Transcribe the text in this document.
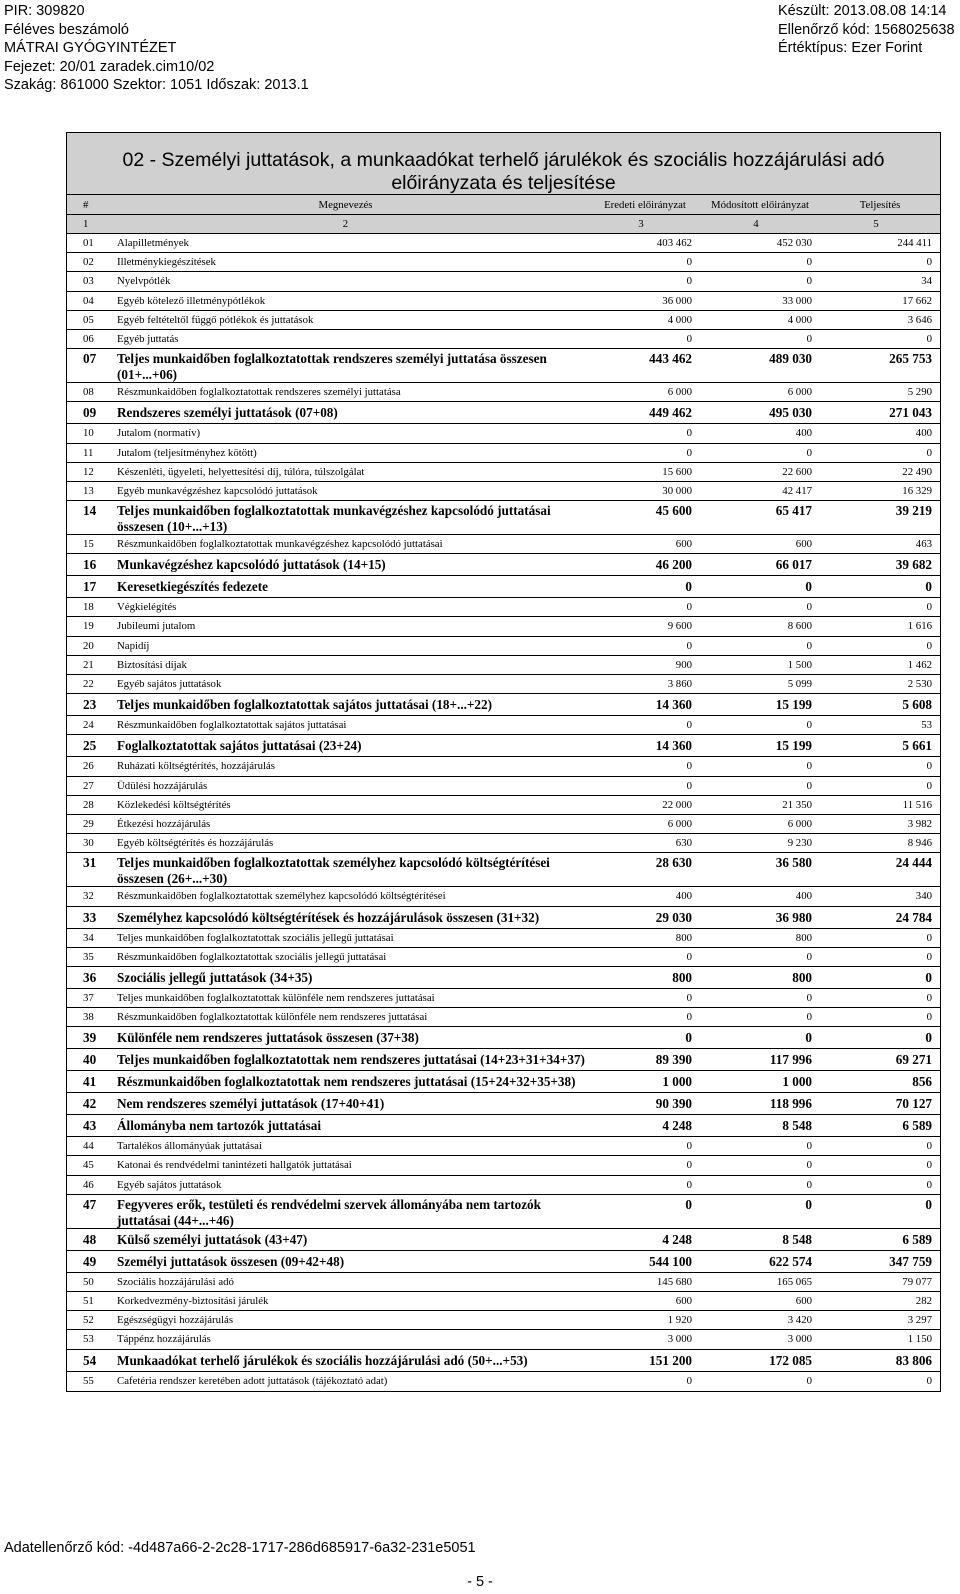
PIR: 309820
Féléves beszámoló
MÁTRAI GYÓGYINTÉZET
Fejezet: 20/01 zaradek.cim10/02
Szakág: 861000 Szektor: 1051 Időszak: 2013.1
Készült: 2013.08.08 14:14
Ellenőrző kód: 1568025638
Értéktípus: Ezer Forint
02 - Személyi juttatások, a munkaadókat terhelő járulékok és szociális hozzájárulási adó előirányzata és teljesítése
#	Megnevezés	Eredeti előirányzat	Módosított előirányzat	Teljesítés
1	2	3	4	5
01	Alapilletmények	403 462	452 030	244 411
02	Illetménykiegészítések	0	0	0
03	Nyelvpótlék	0	0	34
04	Egyéb kötelező illetménypótlékok	36 000	33 000	17 662
05	Egyéb feltételtől függő pótlékok és juttatások	4 000	4 000	3 646
06	Egyéb juttatás	0	0	0
07	Teljes munkaidőben foglalkoztatottak rendszeres személyi juttatása összesen (01+...+06)
443 462	489 030	265 753
08	Részmunkaidőben foglalkoztatottak rendszeres személyi juttatása	6 000	6 000	5 290
09	Rendszeres személyi juttatások (07+08)	449 462	495 030	271 043
10	Jutalom (normatív)	0	400	400
11	Jutalom (teljesítményhez kötött)	0	0	0
12	Készenléti, ügyeleti, helyettesítési díj, túlóra, túlszolgálat	15 600	22 600	22 490
13	Egyéb munkavégzéshez kapcsolódó juttatások	30 000	42 417	16 329
14	Teljes munkaidőben foglalkoztatottak munkavégzéshez kapcsolódó juttatásai összesen (10+...+13)
45 600	65 417	39 219
15	Részmunkaidőben foglalkoztatottak munkavégzéshez kapcsolódó juttatásai	600	600	463
16	Munkavégzéshez kapcsolódó juttatások (14+15)	46 200	66 017	39 682
17	Keresetkiegészítés fedezete	0	0	0
18	Végkielégítés	0	0	0
19	Jubileumi jutalom	9 600	8 600	1 616
20	Napidíj	0	0	0
21	Biztosítási díjak	900	1 500	1 462
22	Egyéb sajátos juttatások	3 860	5 099	2 530
23	Teljes munkaidőben foglalkoztatottak sajátos juttatásai (18+...+22)	14 360	15 199	5 608
24	Részmunkaidőben foglalkoztatottak sajátos juttatásai	0	0	53
25	Foglalkoztatottak sajátos juttatásai (23+24)	14 360	15 199	5 661
26	Ruházati költségtérítés, hozzájárulás	0	0	0
27	Üdülési hozzájárulás	0	0	0
28	Közlekedési költségtérítés	22 000	21 350	11 516
29	Étkezési hozzájárulás	6 000	6 000	3 982
30	Egyéb költségtérítés és hozzájárulás	630	9 230	8 946
31	Teljes munkaidőben foglalkoztatottak személyhez kapcsolódó költségtérítései összesen (26+...+30)
28 630	36 580	24 444
32	Részmunkaidőben foglalkoztatottak személyhez kapcsolódó költségtérítései	400	400	340
33	Személyhez kapcsolódó költségtérítések és hozzájárulások összesen (31+32)	29 030	36 980	24 784
34	Teljes munkaidőben foglalkoztatottak szociális jellegű juttatásai	800	800	0
35	Részmunkaidőben foglalkoztatottak szociális jellegű juttatásai	0	0	0
36	Szociális jellegű juttatások (34+35)	800	800	0
37	Teljes munkaidőben foglalkoztatottak különféle nem rendszeres juttatásai	0	0	0
38	Részmunkaidőben foglalkoztatottak különféle nem rendszeres juttatásai	0	0	0
39	Különféle nem rendszeres juttatások összesen (37+38)	0	0	0
40	Teljes munkaidőben foglalkoztatottak nem rendszeres juttatásai (14+23+31+34+37)	89 390	117 996	69 271
41	Részmunkaidőben foglalkoztatottak nem rendszeres juttatásai (15+24+32+35+38)	1 000	1 000	856
42	Nem rendszeres személyi juttatások (17+40+41)	90 390	118 996	70 127
43	Állományba nem tartozók juttatásai	4 248	8 548	6 589
44	Tartalékos állományúak juttatásai	0	0	0
45	Katonai és rendvédelmi tanintézeti hallgatók juttatásai	0	0	0
46	Egyéb sajátos juttatások	0	0	0
47	Fegyveres erők, testületi és rendvédelmi szervek állományába nem tartozók juttatásai (44+...+46)
0	0	0
48	Külső személyi juttatások (43+47)	4 248	8 548	6 589
49	Személyi juttatások összesen (09+42+48)	544 100	622 574	347 759
50	Szociális hozzájárulási adó	145 680	165 065	79 077
51	Korkedvezmény-biztosítási járulék	600	600	282
52	Egészségügyi hozzájárulás	1 920	3 420	3 297
53	Táppénz hozzájárulás	3 000	3 000	1 150
54	Munkaadókat terhelő járulékok és szociális hozzájárulási adó (50+...+53)	151 200	172 085	83 806
55	Cafetéria rendszer keretében adott juttatások (tájékoztató adat)	0	0	0
Adatellenőrző kód: -4d487a66-2-2c28-1717-286d685917-6a32-231e5051
- 5 -
